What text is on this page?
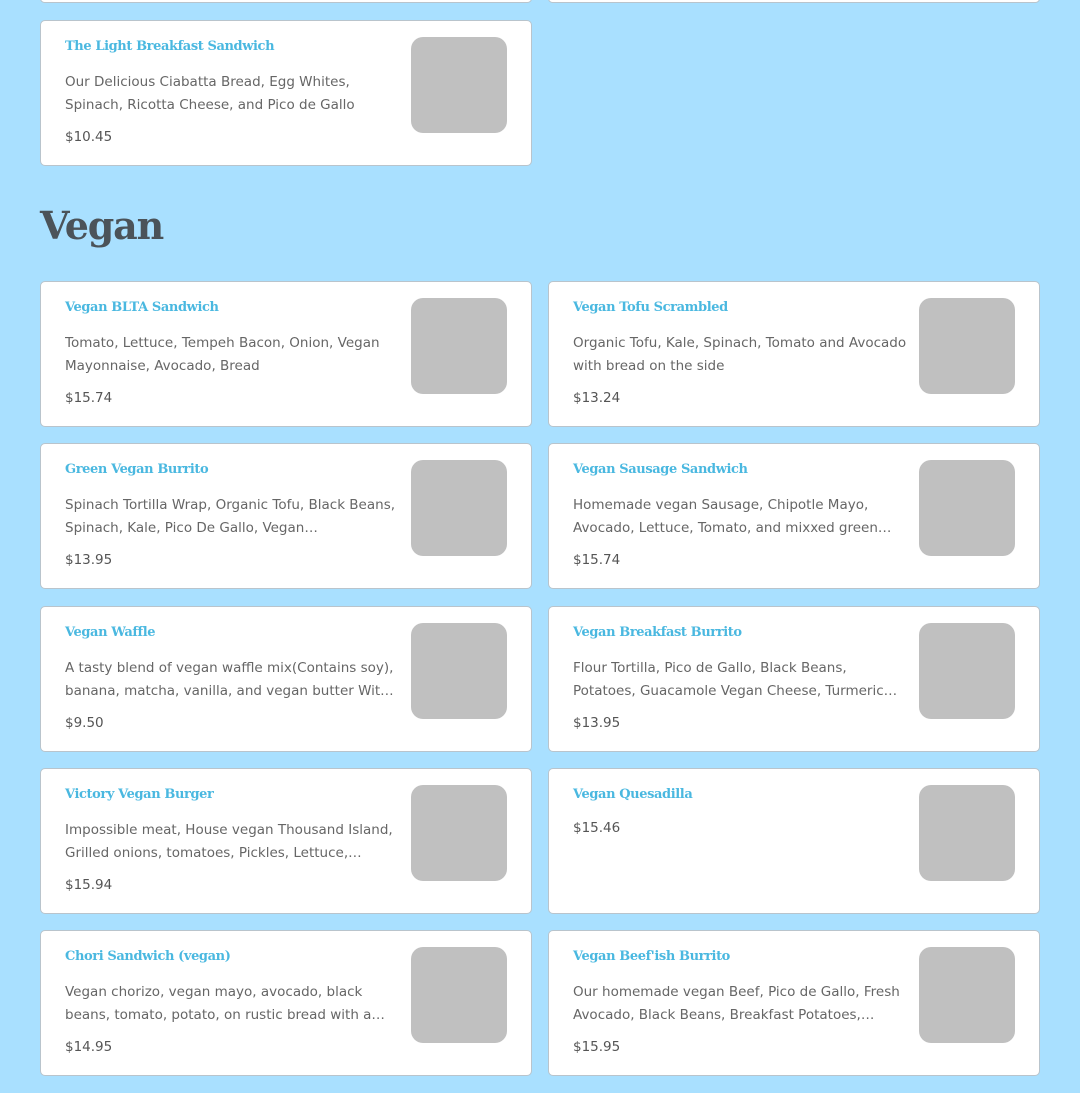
The Light Breakfast Sandwich
Our Delicious Ciabatta Bread, Egg Whites, Spinach, Ricotta Cheese, and Pico de Gallo
$10.45
Vegan
Vegan BLTA Sandwich
Tomato, Lettuce, Tempeh Bacon, Onion, Vegan Mayonnaise, Avocado, Bread
$15.74
Vegan Tofu Scrambled
Organic Tofu, Kale, Spinach, Tomato and Avocado with bread on the side
$13.24
Green Vegan Burrito
Spinach Tortilla Wrap, Organic Tofu, Black Beans, Spinach, Kale, Pico De Gallo, Vegan…
$13.95
Vegan Sausage Sandwich
Homemade vegan Sausage, Chipotle Mayo, Avocado, Lettuce, Tomato, and mixxed green…
$15.74
Vegan Waffle
A tasty blend of vegan waffle mix(Contains soy), banana, matcha, vanilla, and vegan butter Wit…
$9.50
Vegan Breakfast Burrito
Flour Tortilla, Pico de Gallo, Black Beans, Potatoes, Guacamole Vegan Cheese, Turmeric…
$13.95
Victory Vegan Burger
Impossible meat, House vegan Thousand Island, Grilled onions, tomatoes, Pickles, Lettuce,…
$15.94
Vegan Quesadilla
$15.46
Chori Sandwich (vegan)
Vegan chorizo, vegan mayo, avocado, black beans, tomato, potato, on rustic bread with a…
$14.95
Vegan Beef'ish Burrito
Our homemade vegan Beef, Pico de Gallo, Fresh Avocado, Black Beans, Breakfast Potatoes,…
$15.95
